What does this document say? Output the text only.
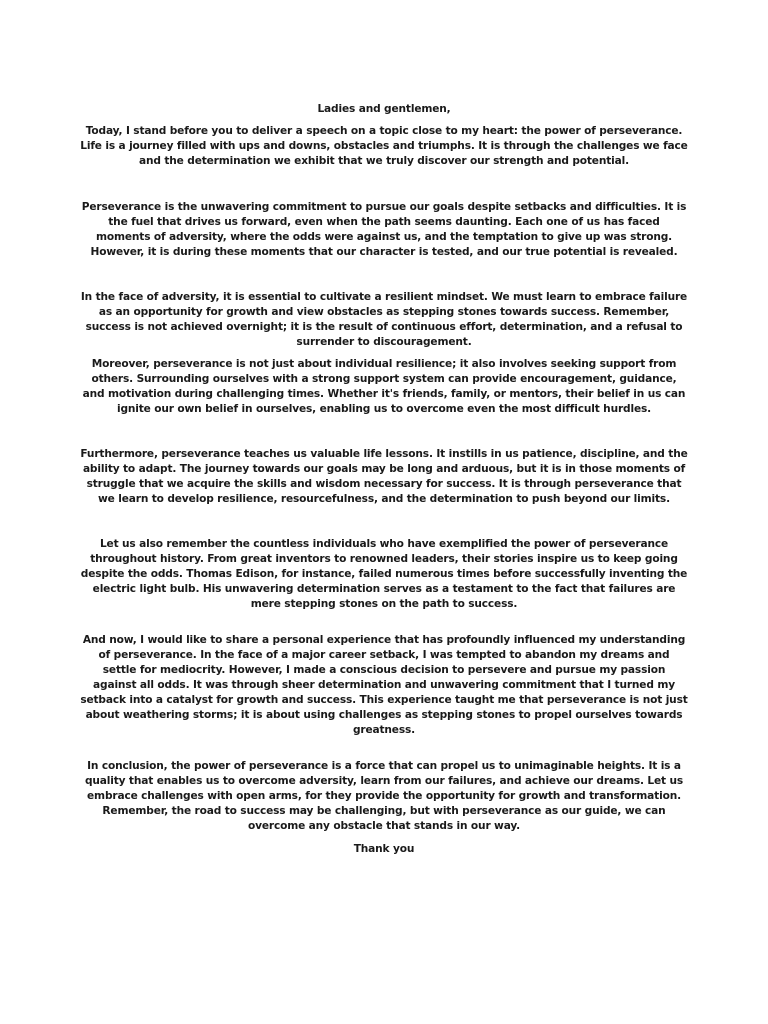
Ladies and gentlemen,

Today, I stand before you to deliver a speech on a topic close to my heart: the power of perseverance. Life is a journey filled with ups and downs, obstacles and triumphs. It is through the challenges we face and the determination we exhibit that we truly discover our strength and potential.

Perseverance is the unwavering commitment to pursue our goals despite setbacks and difficulties. It is the fuel that drives us forward, even when the path seems daunting. Each one of us has faced moments of adversity, where the odds were against us, and the temptation to give up was strong. However, it is during these moments that our character is tested, and our true potential is revealed.

In the face of adversity, it is essential to cultivate a resilient mindset. We must learn to embrace failure as an opportunity for growth and view obstacles as stepping stones towards success. Remember, success is not achieved overnight; it is the result of continuous effort, determination, and a refusal to surrender to discouragement.

Moreover, perseverance is not just about individual resilience; it also involves seeking support from others. Surrounding ourselves with a strong support system can provide encouragement, guidance, and motivation during challenging times. Whether it's friends, family, or mentors, their belief in us can ignite our own belief in ourselves, enabling us to overcome even the most difficult hurdles.

Furthermore, perseverance teaches us valuable life lessons. It instills in us patience, discipline, and the ability to adapt. The journey towards our goals may be long and arduous, but it is in those moments of struggle that we acquire the skills and wisdom necessary for success. It is through perseverance that we learn to develop resilience, resourcefulness, and the determination to push beyond our limits.

Let us also remember the countless individuals who have exemplified the power of perseverance throughout history. From great inventors to renowned leaders, their stories inspire us to keep going despite the odds. Thomas Edison, for instance, failed numerous times before successfully inventing the electric light bulb. His unwavering determination serves as a testament to the fact that failures are mere stepping stones on the path to success.

And now, I would like to share a personal experience that has profoundly influenced my understanding of perseverance. In the face of a major career setback, I was tempted to abandon my dreams and settle for mediocrity. However, I made a conscious decision to persevere and pursue my passion against all odds. It was through sheer determination and unwavering commitment that I turned my setback into a catalyst for growth and success. This experience taught me that perseverance is not just about weathering storms; it is about using challenges as stepping stones to propel ourselves towards greatness.

In conclusion, the power of perseverance is a force that can propel us to unimaginable heights. It is a quality that enables us to overcome adversity, learn from our failures, and achieve our dreams. Let us embrace challenges with open arms, for they provide the opportunity for growth and transformation. Remember, the road to success may be challenging, but with perseverance as our guide, we can overcome any obstacle that stands in our way.

Thank you
